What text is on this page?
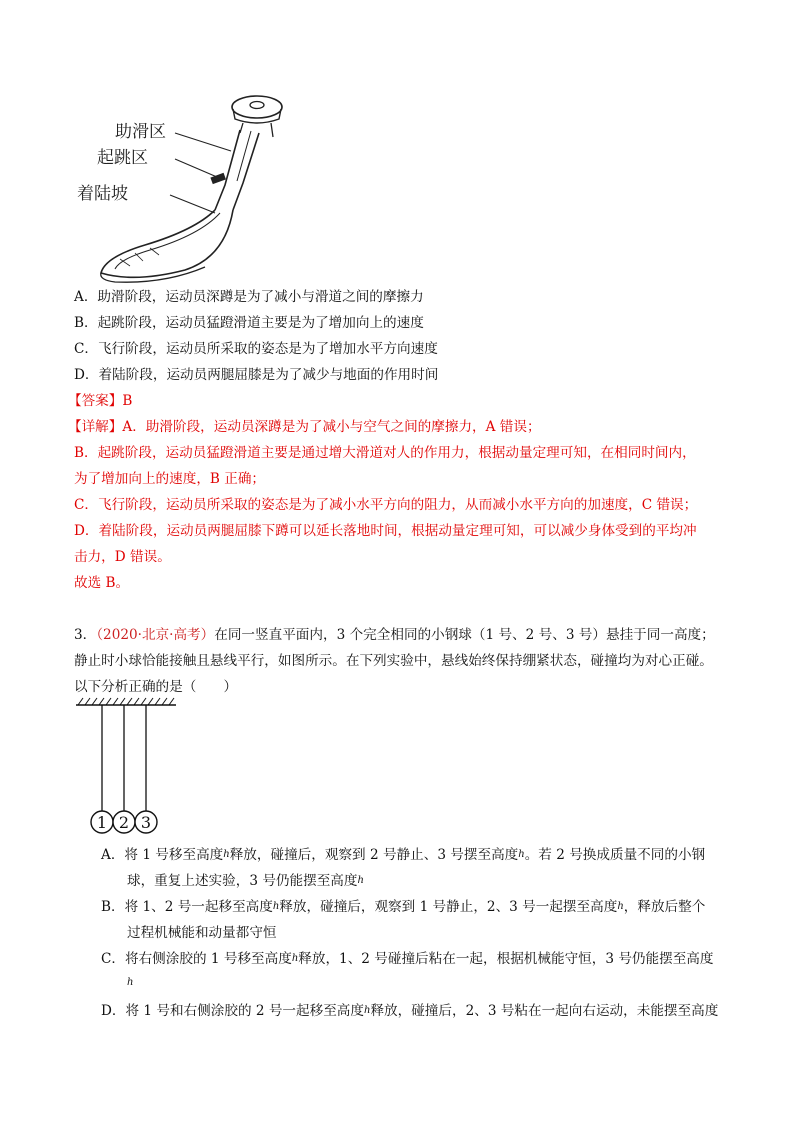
助滑区
起跳区
着陆坡
A．助滑阶段，运动员深蹲是为了减小与滑道之间的摩擦力
B．起跳阶段，运动员猛蹬滑道主要是为了增加向上的速度
C．飞行阶段，运动员所采取的姿态是为了增加水平方向速度
D．着陆阶段，运动员两腿屈膝是为了减少与地面的作用时间
【答案】B
【详解】A．助滑阶段，运动员深蹲是为了减小与空气之间的摩擦力，A 错误；
B．起跳阶段，运动员猛蹬滑道主要是通过增大滑道对人的作用力，根据动量定理可知，在相同时间内，
为了增加向上的速度，B 正确；
C．飞行阶段，运动员所采取的姿态是为了减小水平方向的阻力，从而减小水平方向的加速度，C 错误；
D．着陆阶段，运动员两腿屈膝下蹲可以延长落地时间，根据动量定理可知，可以减少身体受到的平均冲
击力，D 错误。
故选 B。
3．（2020·北京·高考）在同一竖直平面内，3 个完全相同的小钢球（1 号、2 号、3 号）悬挂于同一高度；
静止时小球恰能接触且悬线平行，如图所示。在下列实验中，悬线始终保持绷紧状态，碰撞均为对心正碰。
以下分析正确的是（　　）
1 2 3
A．将 1 号移至高度h释放，碰撞后，观察到 2 号静止、3 号摆至高度h。若 2 号换成质量不同的小钢
球，重复上述实验，3 号仍能摆至高度h
B．将 1、2 号一起移至高度h释放，碰撞后，观察到 1 号静止，2、3 号一起摆至高度h，释放后整个
过程机械能和动量都守恒
C．将右侧涂胶的 1 号移至高度h释放，1、2 号碰撞后粘在一起，根据机械能守恒，3 号仍能摆至高度
h
D．将 1 号和右侧涂胶的 2 号一起移至高度h释放，碰撞后，2、3 号粘在一起向右运动，未能摆至高度
